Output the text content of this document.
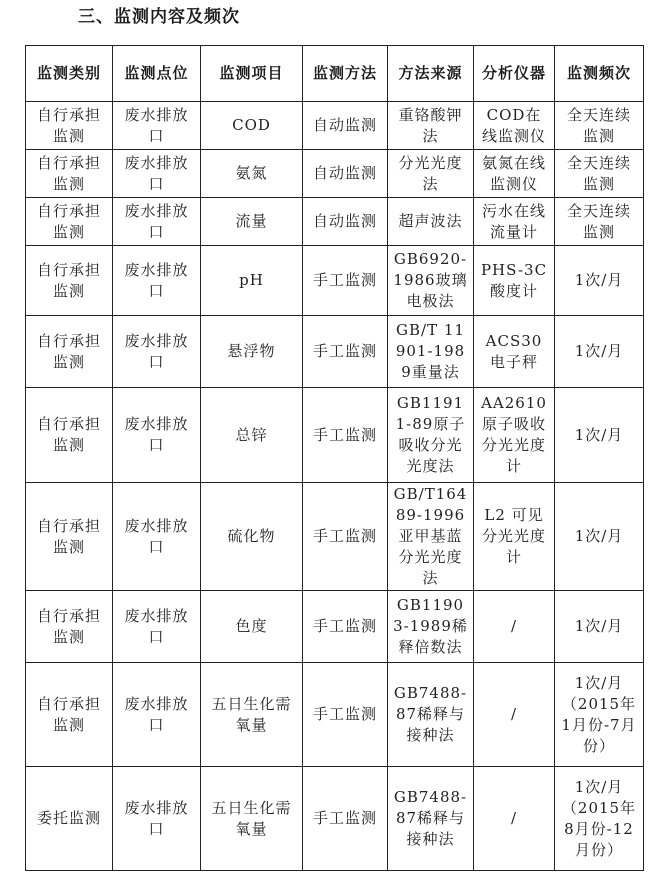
三、监测内容及频次
监测类别	监测点位	监测项目	监测方法	方法来源	分析仪器	监测频次
自行承担监测	废水排放口	COD	自动监测	重铬酸钾法	COD在线监测仪	全天连续监测
自行承担监测	废水排放口	氨氮	自动监测	分光光度法	氨氮在线监测仪	全天连续监测
自行承担监测	废水排放口	流量	自动监测	超声波法	污水在线流量计	全天连续监测
自行承担监测	废水排放口	pH	手工监测	GB6920-1986玻璃电极法	PHS-3C酸度计	1次/月
自行承担监测	废水排放口	悬浮物	手工监测	GB/T 11901-1989重量法	ACS30 电子秤	1次/月
自行承担监测	废水排放口	总锌	手工监测	GB11911-89原子吸收分光光度法	AA2610原子吸收分光光度计	1次/月
自行承担监测	废水排放口	硫化物	手工监测	GB/T16489-1996亚甲基蓝分光光度法	L2 可见分光光度计	1次/月
自行承担监测	废水排放口	色度	手工监测	GB11903-1989稀释倍数法	/	1次/月
自行承担监测	废水排放口	五日生化需氧量	手工监测	GB7488-87稀释与接种法	/	1次/月 （2015年1月份-7月份）
委托监测	废水排放口	五日生化需氧量	手工监测	GB7488-87稀释与接种法	/	1次/月 （2015年8月份-12月份）
